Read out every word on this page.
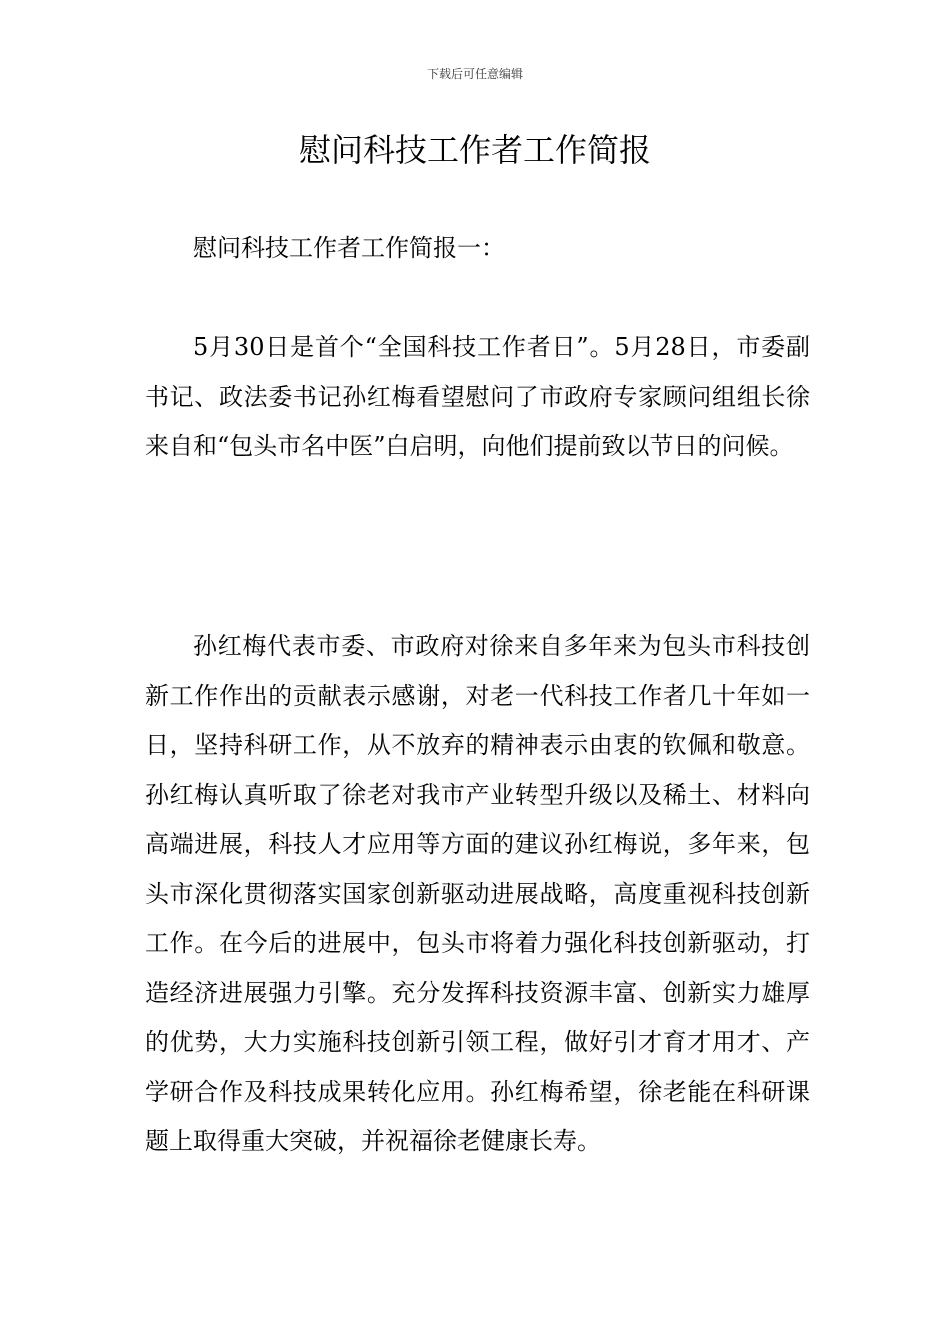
下载后可任意编辑
慰问科技工作者工作简报

慰问科技工作者工作简报一：

5月30日是首个“全国科技工作者日”。5月28日，市委副书记、政法委书记孙红梅看望慰问了市政府专家顾问组组长徐来自和“包头市名中医”白启明，向他们提前致以节日的问候。

孙红梅代表市委、市政府对徐来自多年来为包头市科技创新工作作出的贡献表示感谢，对老一代科技工作者几十年如一日，坚持科研工作，从不放弃的精神表示由衷的钦佩和敬意。孙红梅认真听取了徐老对我市产业转型升级以及稀土、材料向高端进展，科技人才应用等方面的建议孙红梅说，多年来，包头市深化贯彻落实国家创新驱动进展战略，高度重视科技创新工作。在今后的进展中，包头市将着力强化科技创新驱动，打造经济进展强力引擎。充分发挥科技资源丰富、创新实力雄厚的优势，大力实施科技创新引领工程，做好引才育才用才、产学研合作及科技成果转化应用。孙红梅希望，徐老能在科研课题上取得重大突破，并祝福徐老健康长寿。
